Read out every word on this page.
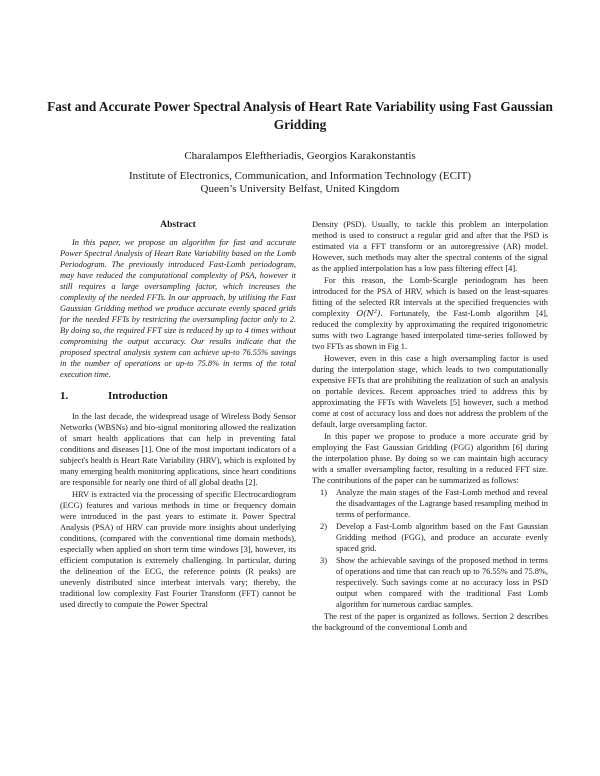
Fast and Accurate Power Spectral Analysis of Heart Rate Variability using Fast Gaussian Gridding
Charalampos Eleftheriadis, Georgios Karakonstantis
Institute of Electronics, Communication, and Information Technology (ECIT)
Queen’s University Belfast, United Kingdom
Abstract

In this paper, we propose an algorithm for fast and accurate Power Spectral Analysis of Heart Rate Variability based on the Lomb Periodogram. The previously introduced Fast-Lomb periodogram, may have reduced the computational complexity of PSA, however it still requires a large oversampling factor, which increases the complexity of the needed FFTs. In our approach, by utilising the Fast Gaussian Gridding method we produce accurate evenly spaced grids for the needed FFTs by restricting the oversampling factor only to 2. By doing so, the required FFT size is reduced by up to 4 times without compromising the output accuracy. Our results indicate that the proposed spectral analysis system can achieve up-to 76.55% savings in the number of operations or up-to 75.8% in terms of the total execution time.

1.	Introduction

In the last decade, the widespread usage of Wireless Body Sensor Networks (WBSNs) and bio-signal monitoring allowed the realization of smart health applications that can help in preventing fatal conditions and diseases [1]. One of the most important indicators of a subject's health is Heart Rate Variability (HRV), which is exploited by many emerging health monitoring applications, since heart conditions are responsible for nearly one third of all global deaths [2].

HRV is extracted via the processing of specific Electrocardiogram (ECG) features and various methods in time or frequency domain were introduced in the past years to estimate it. Power Spectral Analysis (PSA) of HRV can provide more insights about underlying conditions, (compared with the conventional time domain methods), especially when applied on short term time windows [3], however, its efficient computation is extremely challenging. In particular, during the delineation of the ECG, the reference points (R peaks) are unevenly distributed since interbeat intervals vary; thereby, the traditional low complexity Fast Fourier Transform (FFT) cannot be used directly to compute the Power Spectral

Density (PSD). Usually, to tackle this problem an interpolation method is used to construct a regular grid and after that the PSD is estimated via a FFT transform or an autoregressive (AR) model. However, such methods may alter the spectral contents of the signal as the applied interpolation has a low pass filtering effect [4].

For this reason, the Lomb-Scargle periodogram has been introduced for the PSA of HRV, which is based on the least-squares fitting of the selected RR intervals at the specified frequencies with complexity O(N²). Fortunately, the Fast-Lomb algorithm [4], reduced the complexity by approximating the required trigonometric sums with two Lagrange based interpolated time-series followed by two FFTs as shown in Fig 1.

However, even in this case a high oversampling factor is used during the interpolation stage, which leads to two computationally expensive FFTs that are prohibiting the realization of such an analysis on portable devices. Recent approaches tried to address this by approximating the FFTs with Wavelets [5] however, such a method come at cost of accuracy loss and does not address the problem of the default, large oversampling factor.

In this paper we propose to produce a more accurate grid by employing the Fast Gaussian Gridding (FGG) algorithm [6] during the interpolation phase. By doing so we can maintain high accuracy with a smaller oversampling factor, resulting in a reduced FFT size. The contributions of the paper can be summarized as follows:

1)	Analyze the main stages of the Fast-Lomb method and reveal the disadvantages of the Lagrange based resampling method in terms of performance.
2)	Develop a Fast-Lomb algorithm based on the Fast Gaussian Gridding method (FGG), and produce an accurate evenly spaced grid.
3)	Show the achievable savings of the proposed method in terms of operations and time that can reach up to 76.55% and 75.8%, respectively. Such savings come at no accuracy loss in PSD output when compared with the traditional Fast Lomb algorithm for numerous cardiac samples.

The rest of the paper is organized as follows. Section 2 describes the background of the conventional Lomb and
